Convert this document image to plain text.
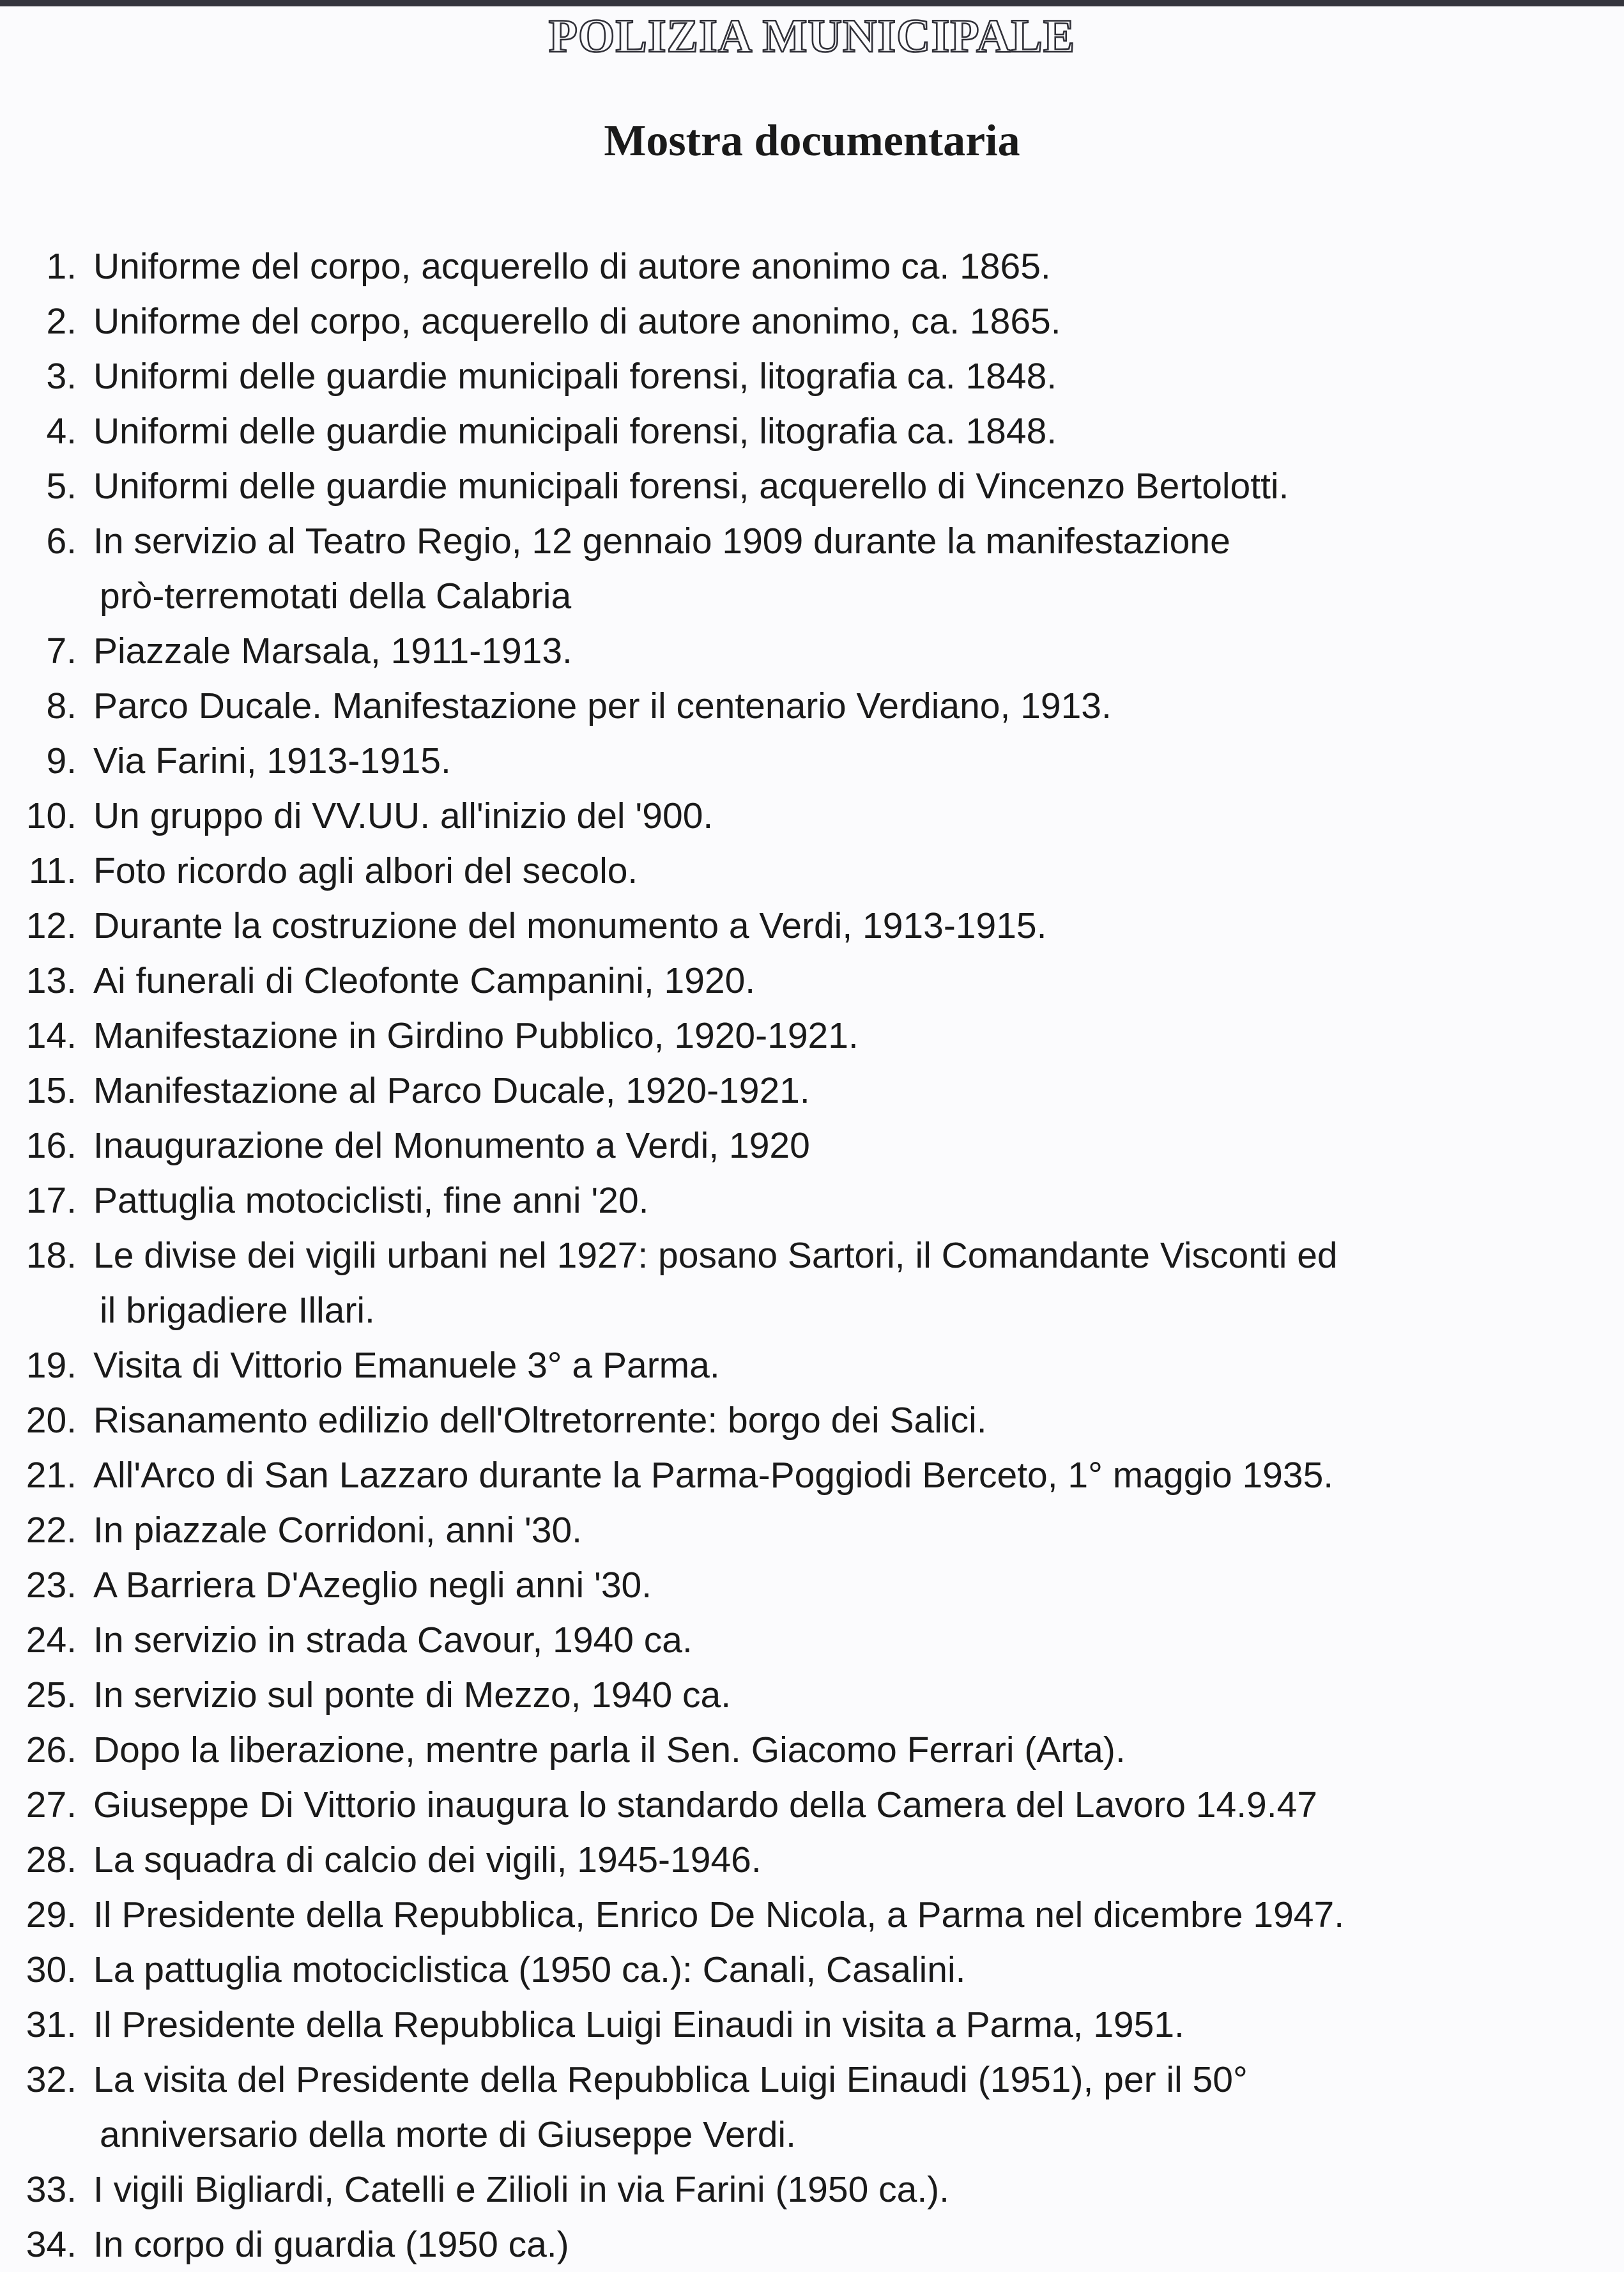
POLIZIA MUNICIPALE
Mostra documentaria
1. Uniforme del corpo, acquerello di autore anonimo ca. 1865.
2. Uniforme del corpo, acquerello di autore anonimo, ca. 1865.
3. Uniformi delle guardie municipali forensi, litografia ca. 1848.
4. Uniformi delle guardie municipali forensi, litografia ca. 1848.
5. Uniformi delle guardie municipali forensi, acquerello di Vincenzo Bertolotti.
6. In servizio al Teatro Regio, 12 gennaio 1909 durante la manifestazione
prò-terremotati della Calabria
7. Piazzale Marsala, 1911-1913.
8. Parco Ducale. Manifestazione per il centenario Verdiano, 1913.
9. Via Farini, 1913-1915.
10. Un gruppo di VV.UU. all'inizio del '900.
11. Foto ricordo agli albori del secolo.
12. Durante la costruzione del monumento a Verdi, 1913-1915.
13. Ai funerali di Cleofonte Campanini, 1920.
14. Manifestazione in Girdino Pubblico, 1920-1921.
15. Manifestazione al Parco Ducale, 1920-1921.
16. Inaugurazione del Monumento a Verdi, 1920
17. Pattuglia motociclisti, fine anni '20.
18. Le divise dei vigili urbani nel 1927: posano Sartori, il Comandante Visconti ed
il brigadiere Illari.
19. Visita di Vittorio Emanuele 3° a Parma.
20. Risanamento edilizio dell'Oltretorrente: borgo dei Salici.
21. All'Arco di San Lazzaro durante la Parma-Poggiodi Berceto, 1° maggio 1935.
22. In piazzale Corridoni, anni '30.
23. A Barriera D'Azeglio negli anni '30.
24. In servizio in strada Cavour, 1940 ca.
25. In servizio sul ponte di Mezzo, 1940 ca.
26. Dopo la liberazione, mentre parla il Sen. Giacomo Ferrari (Arta).
27. Giuseppe Di Vittorio inaugura lo standardo della Camera del Lavoro 14.9.47
28. La squadra di calcio dei vigili, 1945-1946.
29. Il Presidente della Repubblica, Enrico De Nicola, a Parma nel dicembre 1947.
30. La pattuglia motociclistica (1950 ca.): Canali, Casalini.
31. Il Presidente della Repubblica Luigi Einaudi in visita a Parma, 1951.
32. La visita del Presidente della Repubblica Luigi Einaudi (1951), per il 50°
anniversario della morte di Giuseppe Verdi.
33. I vigili Bigliardi, Catelli e Zilioli in via Farini (1950 ca.).
34. In corpo di guardia (1950 ca.)
